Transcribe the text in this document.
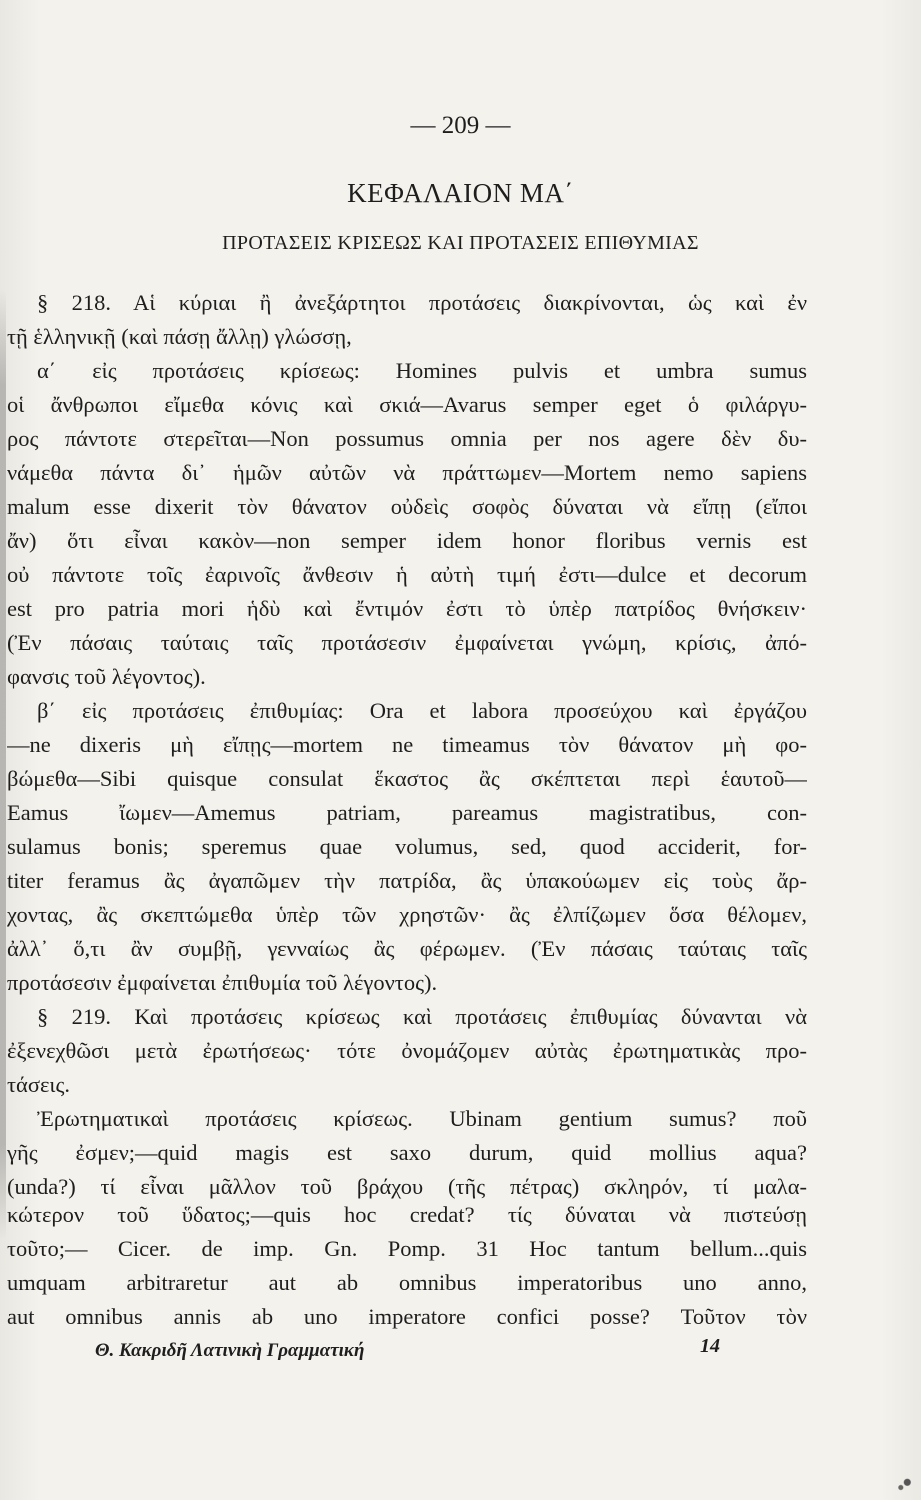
— 209 —
ΚΕΦΑΛΑΙΟΝ ΜΑ΄
ΠΡΟΤΑΣΕΙΣ ΚΡΙΣΕΩΣ ΚΑΙ ΠΡΟΤΑΣΕΙΣ ΕΠΙΘΥΜΙΑΣ
§ 218. Αἱ κύριαι ἢ ἀνεξάρτητοι προτάσεις διακρίνονται, ὡς καὶ ἐν
τῇ ἑλληνικῇ (καὶ πάσῃ ἄλλῃ) γλώσσῃ,
α΄ εἰς προτάσεις κρίσεως: Homines pulvis et umbra sumus
οἱ ἄνθρωποι εἴμεθα κόνις καὶ σκιά—Avarus semper eget ὁ φιλάργυ-
ρος πάντοτε στερεῖται—Non possumus omnia per nos agere δὲν δυ-
νάμεθα πάντα δι᾽ ἡμῶν αὐτῶν νὰ πράττωμεν—Mortem nemo sapiens
malum esse dixerit τὸν θάνατον οὐδεὶς σοφὸς δύναται νὰ εἴπῃ (εἴποι
ἄν) ὅτι εἶναι κακὸν—non semper idem honor floribus vernis est
οὐ πάντοτε τοῖς ἐαρινοῖς ἄνθεσιν ἡ αὐτὴ τιμή ἐστι—dulce et decorum
est pro patria mori ἡδὺ καὶ ἔντιμόν ἐστι τὸ ὑπὲρ πατρίδος θνήσκειν·
(Ἐν πάσαις ταύταις ταῖς προτάσεσιν ἐμφαίνεται γνώμη, κρίσις, ἀπό-
φανσις τοῦ λέγοντος).
β΄ εἰς προτάσεις ἐπιθυμίας: Ora et labora προσεύχου καὶ ἐργάζου
—ne dixeris μὴ εἴπῃς—mortem ne timeamus τὸν θάνατον μὴ φο-
βώμεθα—Sibi quisque consulat ἕκαστος ἂς σκέπτεται περὶ ἑαυτοῦ—
Eamus ἴωμεν—Amemus patriam, pareamus magistratibus, con-
sulamus bonis; speremus quae volumus, sed, quod acciderit, for-
titer feramus ἂς ἀγαπῶμεν τὴν πατρίδα, ἂς ὑπακούωμεν εἰς τοὺς ἄρ-
χοντας, ἂς σκεπτώμεθα ὑπὲρ τῶν χρηστῶν· ἂς ἐλπίζωμεν ὅσα θέλομεν,
ἀλλ᾽ ὅ,τι ἂν συμβῇ, γενναίως ἂς φέρωμεν. (Ἐν πάσαις ταύταις ταῖς
προτάσεσιν ἐμφαίνεται ἐπιθυμία τοῦ λέγοντος).
§ 219. Καὶ προτάσεις κρίσεως καὶ προτάσεις ἐπιθυμίας δύνανται νὰ
ἐξενεχθῶσι μετὰ ἐρωτήσεως· τότε ὀνομάζομεν αὐτὰς ἐρωτηματικὰς προ-
τάσεις.
Ἐρωτηματικαὶ προτάσεις κρίσεως. Ubinam gentium sumus? ποῦ
γῆς ἐσμεν;—quid magis est saxo durum, quid mollius aqua?
(unda?) τί εἶναι μᾶλλον τοῦ βράχου (τῆς πέτρας) σκληρόν, τί μαλα-
κώτερον τοῦ ὕδατος;—quis hoc credat? τίς δύναται νὰ πιστεύσῃ
τοῦτο;— Cicer. de imp. Gn. Pomp. 31 Hoc tantum bellum...quis
umquam arbitraretur aut ab omnibus imperatoribus uno anno,
aut omnibus annis ab uno imperatore confici posse? Τοῦτον τὸν
Θ. Κακριδῆ Λατινικὴ Γραμματική	14
